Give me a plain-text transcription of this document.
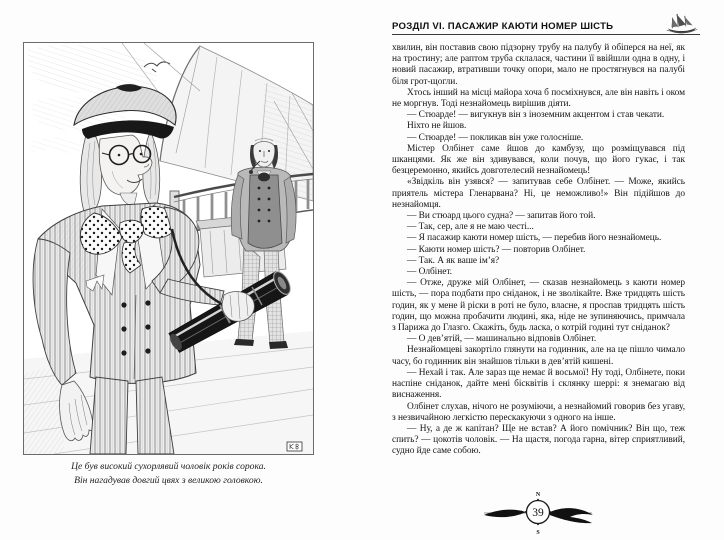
Це був високий сухорлявий чоловік років сорока.
Він нагадував довгий цвях з великою головкою.
РОЗДІЛ VI. ПАСАЖИР КАЮТИ НОМЕР ШІСТЬ

хвилин, він поставив свою підзорну трубу на палубу й обіперся на неї, як на тростину; але раптом труба склалася, частини її ввійшли одна в одну, і новий пасажир, втративши точку опори, мало не простягнувся на палубі біля грот-щогли.

Хтось інший на місці майора хоча б посміхнувся, але він навіть і оком не моргнув. Тоді незнайомець вирішив діяти.

— Стюарде! — вигукнув він з іноземним акцентом і став чекати.

Ніхто не йшов.

— Стюарде! — покликав він уже голосніше.

Містер Олбінет саме йшов до камбузу, що розміщувався під шканцями. Як же він здивувався, коли почув, що його гукає, і так безцеремонно, якийсь довготелесий незнайомець!

«Звідкіль він узявся? — запитував себе Олбінет. — Може, якийсь приятель містера Гленарвана? Ні, це неможливо!» Він підійшов до незнайомця.

— Ви стюард цього судна? — запитав його той.

— Так, сер, але я не маю честі...

— Я пасажир каюти номер шість, — перебив його незнайомець.

— Каюти номер шість? — повторив Олбінет.

— Так. А як ваше ім’я?

— Олбінет.

— Отже, друже мій Олбінет, — сказав незнайомець з каюти номер шість, — пора подбати про сніданок, і не зволікайте. Вже тридцять шість годин, як у мене й ріски в роті не було, власне, я проспав тридцять шість годин, що можна пробачити людині, яка, ніде не зупиняючись, примчала з Парижа до Глазго. Скажіть, будь ласка, о котрій годині тут сніданок?

— О дев’ятій, — машинально відповів Олбінет.

Незнайомцеві закортіло глянути на годинник, але на це пішло чимало часу, бо годинник він знайшов тільки в дев’ятій кишені.

— Нехай і так. Але зараз ще немає й восьмої! Ну тоді, Олбінете, поки наспіне сніданок, дайте мені бісквітів і склянку шеррі: я знемагаю від виснаження.

Олбінет слухав, нічого не розуміючи, а незнайомий говорив без угаву, з незвичайною легкістю перескакуючи з одного на інше.

— Ну, а де ж капітан? Ще не встав? А його помічник? Він що, теж спить? — цокотів чоловік. — На щастя, погода гарна, вітер сприятливий, судно йде саме собою.

N
S
W	E
39
